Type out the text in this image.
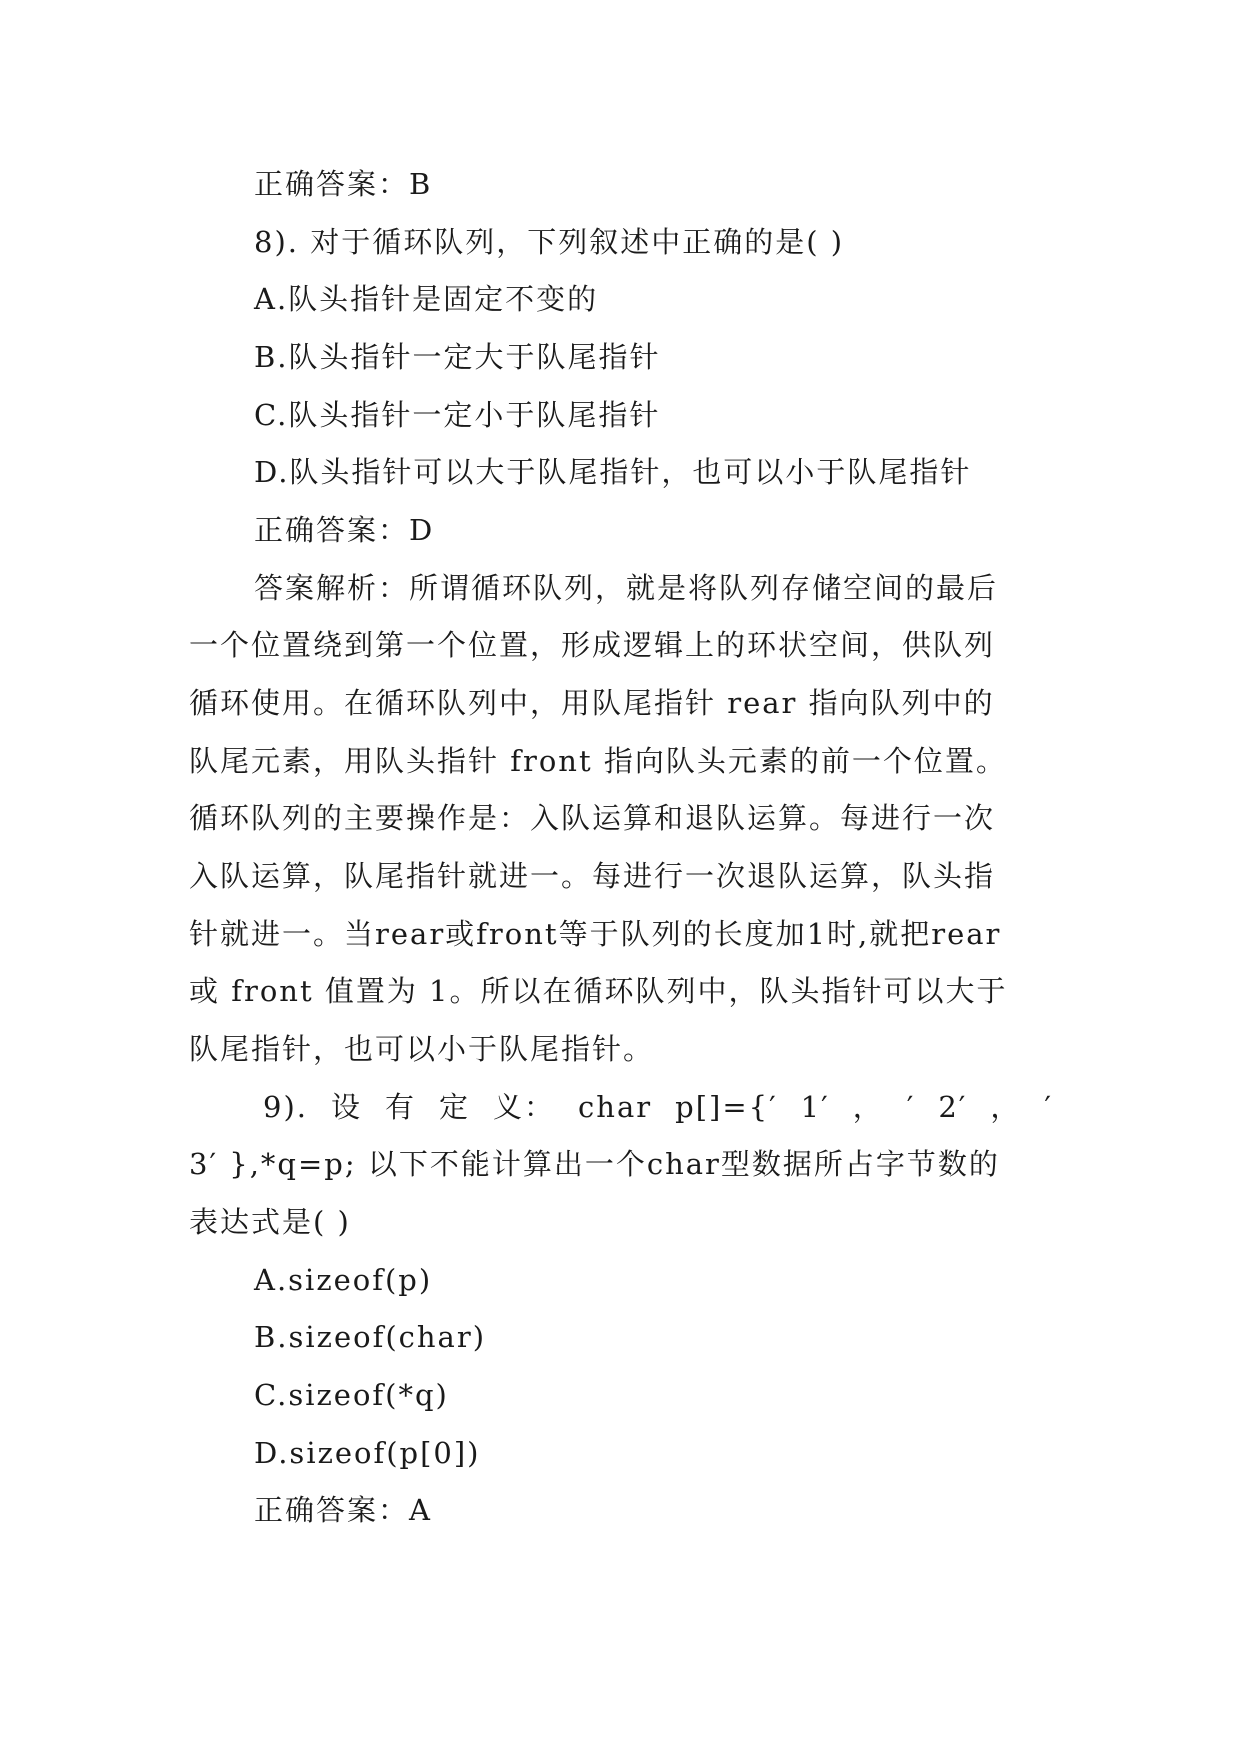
正确答案：B
8). 对于循环队列，下列叙述中正确的是( )
A.队头指针是固定不变的
B.队头指针一定大于队尾指针
C.队头指针一定小于队尾指针
D.队头指针可以大于队尾指针，也可以小于队尾指针
正确答案：D
答案解析：所谓循环队列，就是将队列存储空间的最后
一个位置绕到第一个位置，形成逻辑上的环状空间，供队列
循环使用。在循环队列中，用队尾指针 rear 指向队列中的
队尾元素，用队头指针 front 指向队头元素的前一个位置。
循环队列的主要操作是：入队运算和退队运算。每进行一次
入队运算，队尾指针就进一。每进行一次退队运算，队头指
针就进一。当rear或front等于队列的长度加1时,就把rear
或 front 值置为 1。所以在循环队列中，队头指针可以大于
队尾指针，也可以小于队尾指针。
9). 设 有 定 义： char p[]={′ 1′ ， ′ 2′ ， ′
3′ },*q=p; 以下不能计算出一个char型数据所占字节数的
表达式是( )
A.sizeof(p)
B.sizeof(char)
C.sizeof(*q)
D.sizeof(p[0])
正确答案：A
